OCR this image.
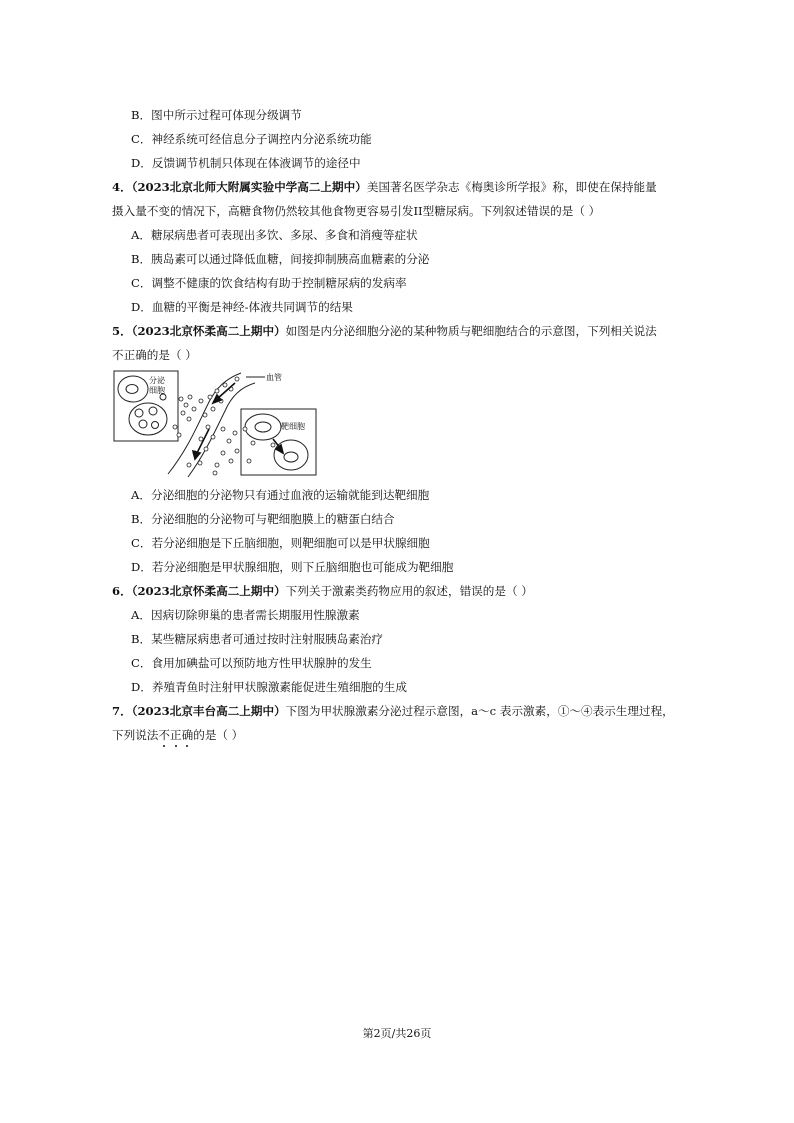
B．图中所示过程可体现分级调节
C．神经系统可经信息分子调控内分泌系统功能
D．反馈调节机制只体现在体液调节的途径中
4．（2023北京北师大附属实验中学高二上期中）美国著名医学杂志《梅奥诊所学报》称，即使在保持能量
摄入量不变的情况下，高糖食物仍然较其他食物更容易引发II型糖尿病。下列叙述错误的是（ ）
A．糖尿病患者可表现出多饮、多尿、多食和消瘦等症状
B．胰岛素可以通过降低血糖，间接抑制胰高血糖素的分泌
C．调整不健康的饮食结构有助于控制糖尿病的发病率
D．血糖的平衡是神经-体液共同调节的结果
5．（2023北京怀柔高二上期中）如图是内分泌细胞分泌的某种物质与靶细胞结合的示意图，下列相关说法
不正确的是（ ）
分泌
细胞
血管
靶细胞
A．分泌细胞的分泌物只有通过血液的运输就能到达靶细胞
B．分泌细胞的分泌物可与靶细胞膜上的糖蛋白结合
C．若分泌细胞是下丘脑细胞，则靶细胞可以是甲状腺细胞
D．若分泌细胞是甲状腺细胞，则下丘脑细胞也可能成为靶细胞
6．（2023北京怀柔高二上期中）下列关于激素类药物应用的叙述，错误的是（ ）
A．因病切除卵巢的患者需长期服用性腺激素
B．某些糖尿病患者可通过按时注射服胰岛素治疗
C．食用加碘盐可以预防地方性甲状腺肿的发生
D．养殖青鱼时注射甲状腺激素能促进生殖细胞的生成
7．（2023北京丰台高二上期中）下图为甲状腺激素分泌过程示意图，a～c 表示激素，①～④表示生理过程，
下列说法不
正
确
的是（ ）
第2页/共26页
